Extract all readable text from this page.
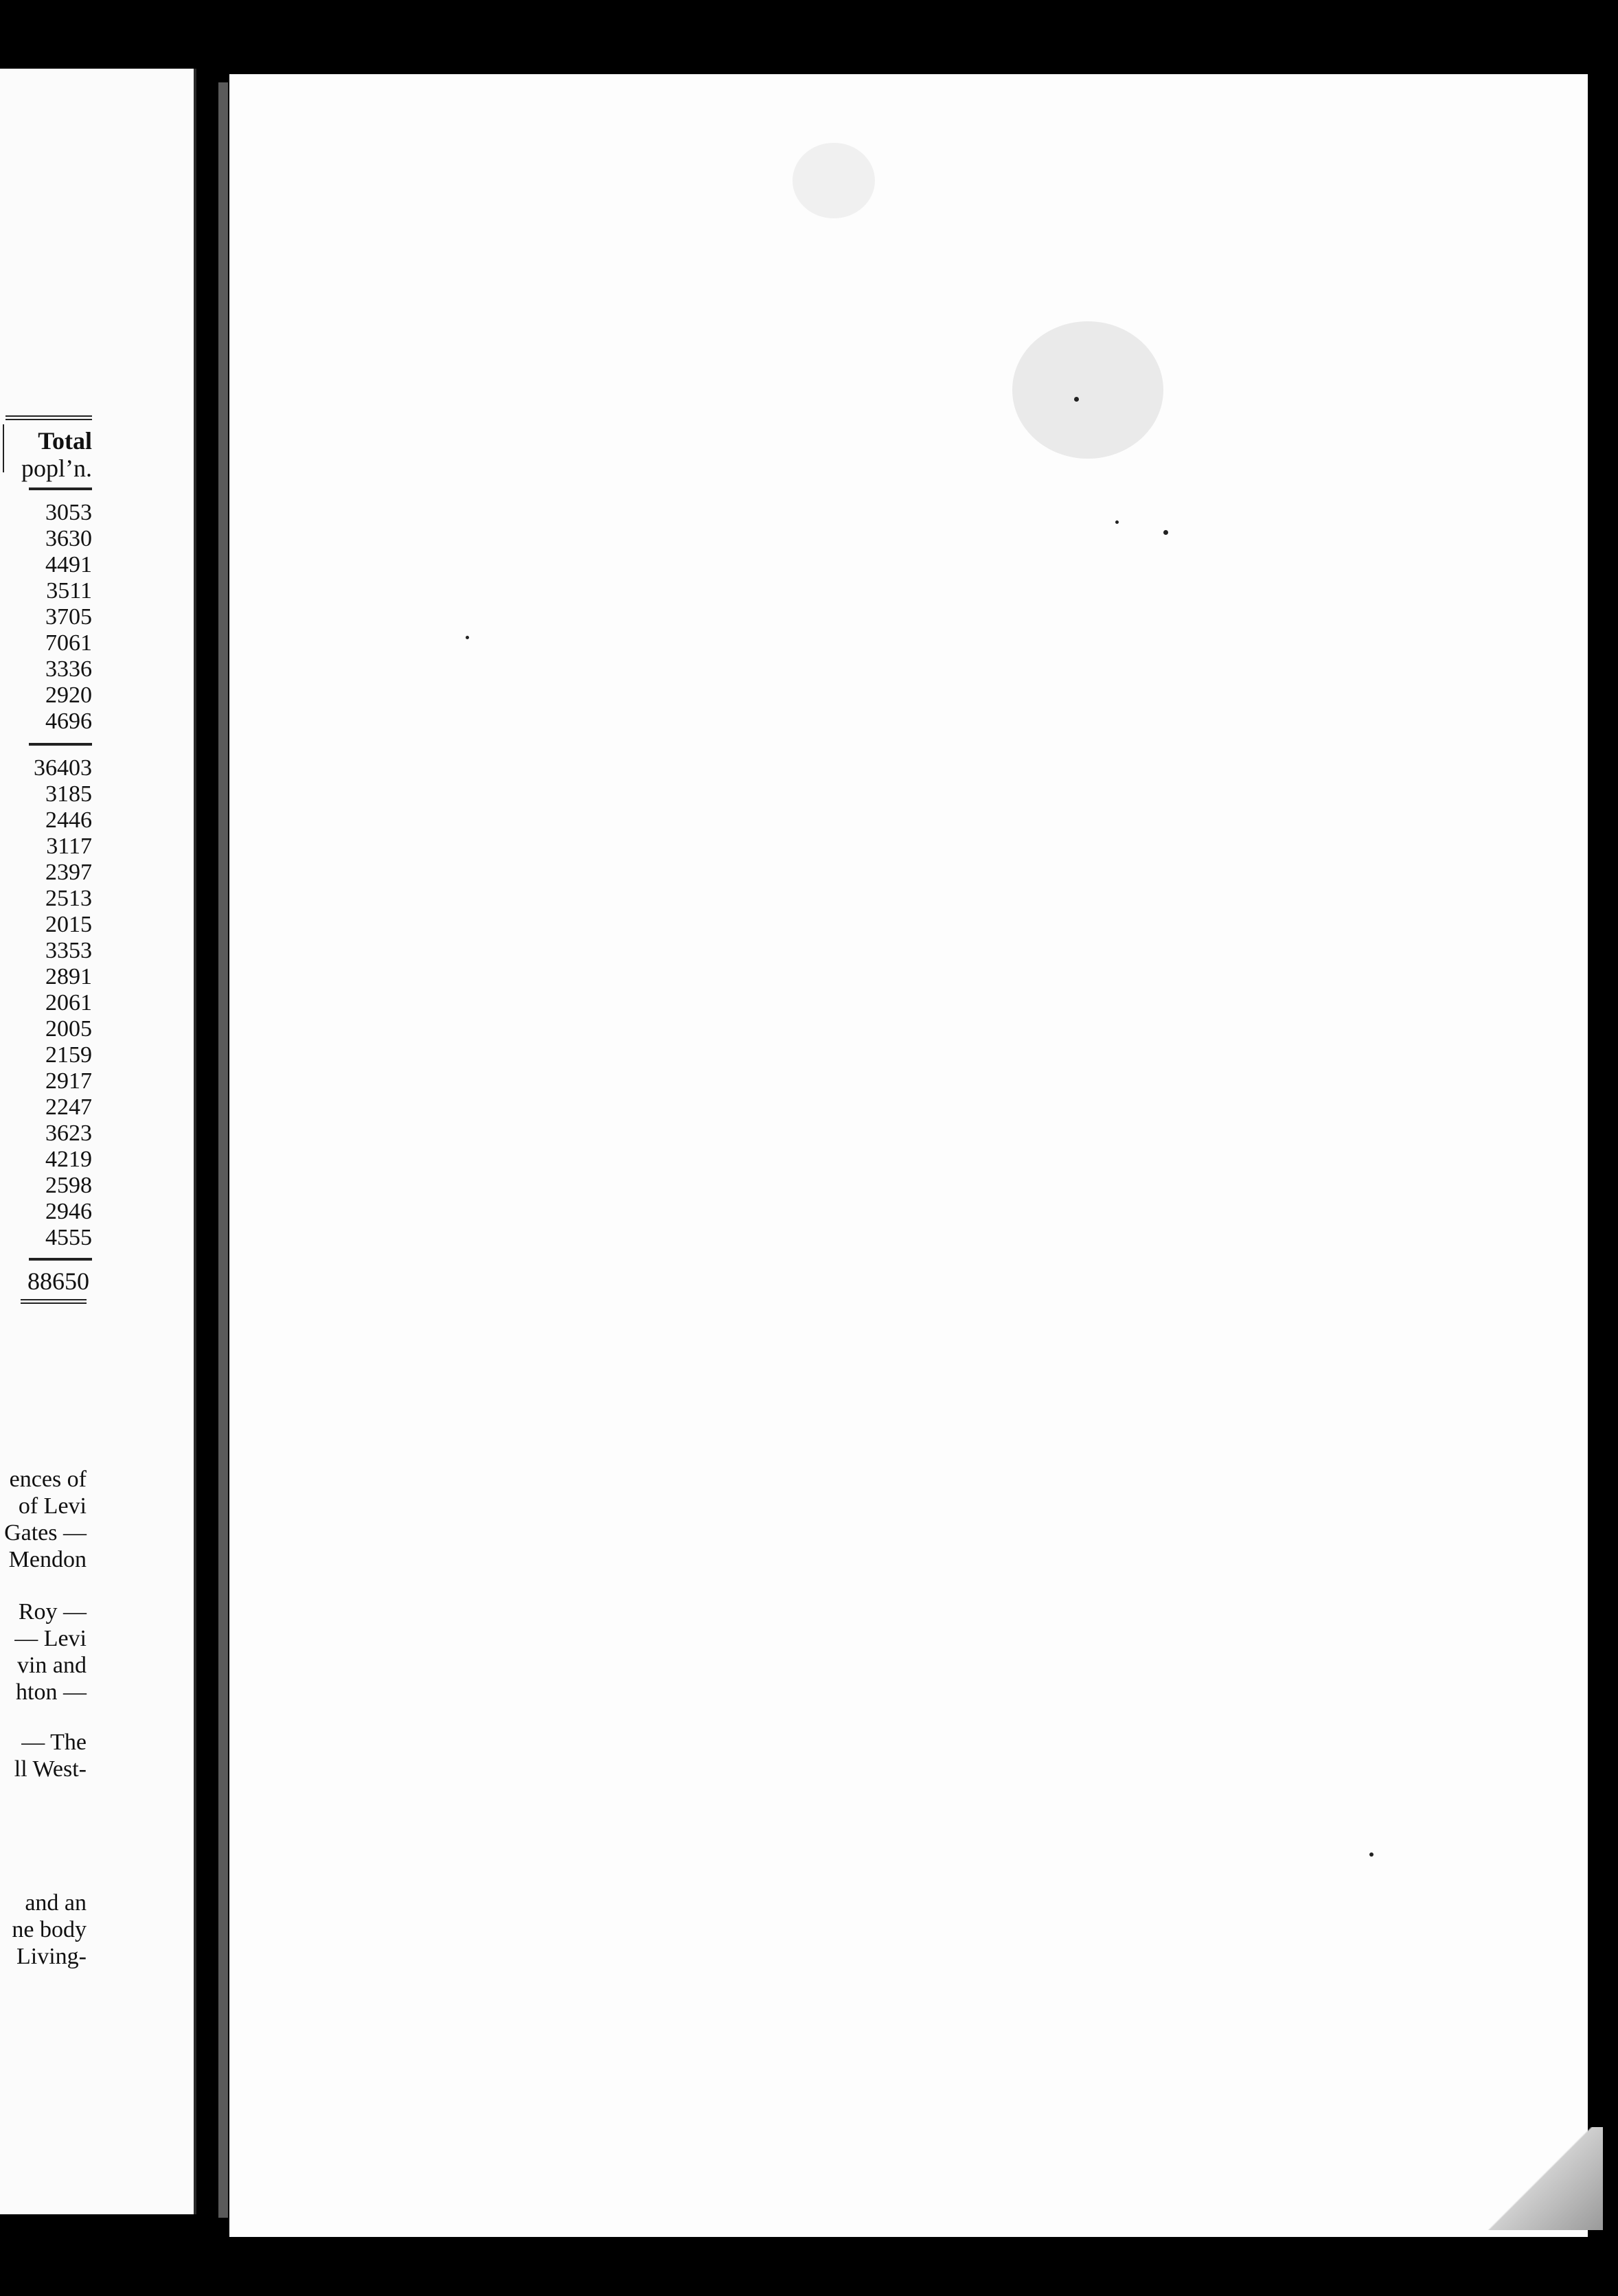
Total
popl’n.
3053
3630
4491
3511
3705
7061
3336
2920
4696
36403
3185
2446
3117
2397
2513
2015
3353
2891
2061
2005
2159
2917
2247
3623
4219
2598
2946
4555
88650
ences of
of Levi
Gates —
Mendon
Roy —
— Levi
vin and
hton —
— The
ll West-
and an
ne body
Living-
